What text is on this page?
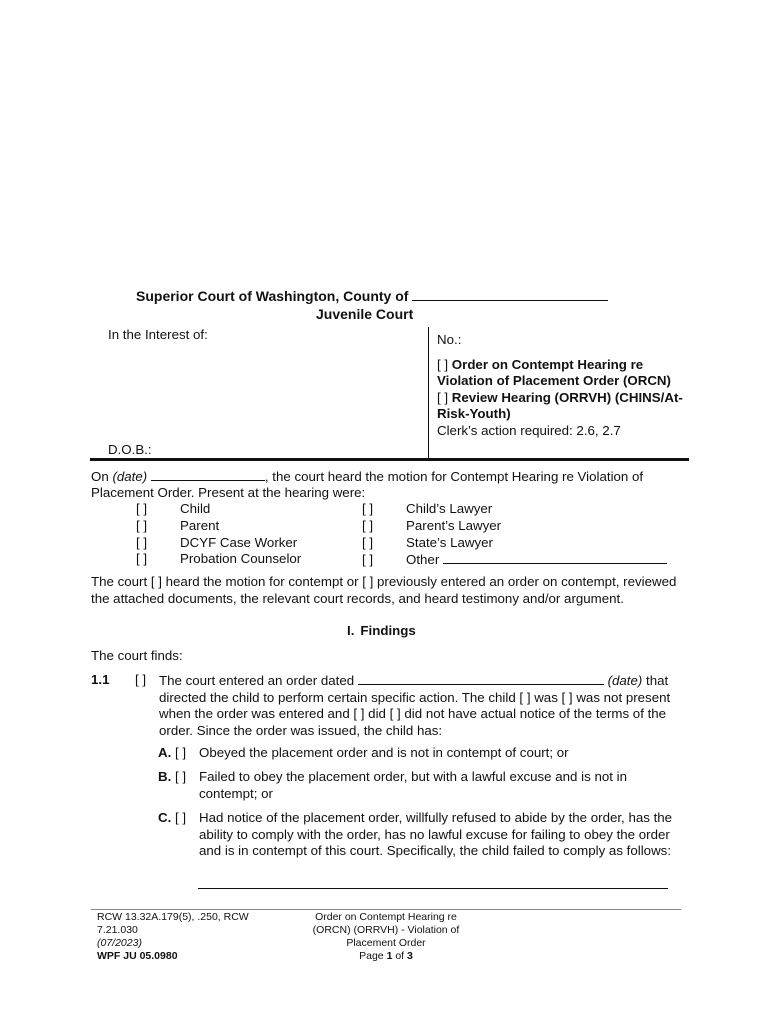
Superior Court of Washington, County of
Juvenile Court
In the Interest of:
D.O.B.:
No.:
[ ] Order on Contempt Hearing re Violation of Placement Order (ORCN)
[ ] Review Hearing (ORRVH) (CHINS/At-Risk-Youth)
Clerk’s action required: 2.6, 2.7
On (date)	, the court heard the motion for Contempt Hearing re Violation of
Placement Order. Present at the hearing were:
[ ] Child
[ ] Parent
[ ] DCYF Case Worker
[ ] Probation Counselor
[ ] Child’s Lawyer
[ ] Parent’s Lawyer
[ ] State’s Lawyer
[ ] Other
The court [ ] heard the motion for contempt or [ ] previously entered an order on contempt, reviewed the attached documents, the relevant court records, and heard testimony and/or argument.
I. Findings
The court finds:
1.1 [ ] The court entered an order dated	(date) that directed the child to perform certain specific action. The child [ ] was [ ] was not present when the order was entered and [ ] did [ ] did not have actual notice of the terms of the order. Since the order was issued, the child has:
A. [ ] Obeyed the placement order and is not in contempt of court; or
B. [ ] Failed to obey the placement order, but with a lawful excuse and is not in contempt; or
C. [ ] Had notice of the placement order, willfully refused to abide by the order, has the ability to comply with the order, has no lawful excuse for failing to obey the order and is in contempt of this court. Specifically, the child failed to comply as follows:
RCW 13.32A.179(5), .250, RCW
7.21.030
(07/2023)
WPF JU 05.0980
Order on Contempt Hearing re
(ORCN) (ORRVH) - Violation of
Placement Order
Page 1 of 3
